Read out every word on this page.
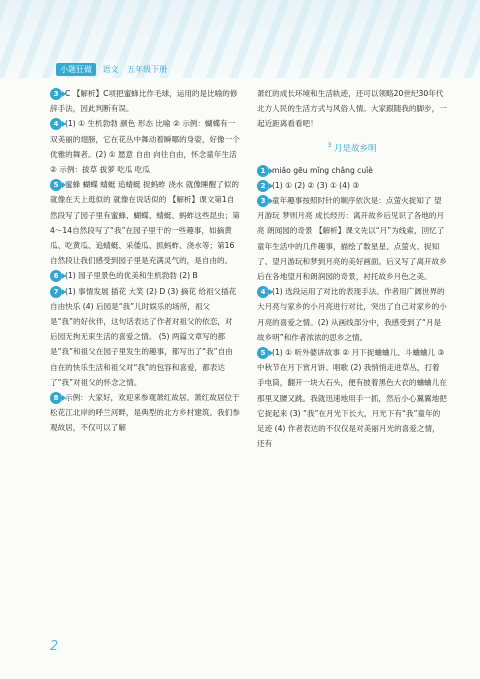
小题狂做 语文 五年级下册

3 C 【解析】C项把蜜蜂比作毛球，运用的是比喻的修辞手法，因此判断有误。

4 (1) ① 生机勃勃 颜色 形态 比喻 ② 示例：蝴蝶有一双美丽的翅膀，它在花丛中舞动着瞬哪的身姿，好像一个优雅的舞者。(2) ① 愿意 自由 向往自由，怀念童年生活 ② 示例：拔草 拔萝 吃瓜 吃瓜

5 蜜蜂 蝴蝶 蜻蜓 追蜻蜓 捉蚂蚱 浇水 就像睡醒了似的 就像在天上逛似的 就像在说话似的 【解析】课文第1自然段写了园子里有蜜蜂、蝴蝶、蜻蜓、蚂蚱这些昆虫；第4～14自然段写了“我”在园子里干的一些趣事，如摘黄瓜、吃黄瓜、追蜻蜓、采倭瓜、抓蚂蚱、浇水等；第16自然段让我们感受到园子里是充满灵气的，是自由的。

6 (1) 园子里景色的优美和生机勃勃 (2) B

7 (1) 事情发展 插花 大笑 (2) D (3) 摘花 给祖父插花 自由快乐 (4) 后园是“我”儿时娱乐的场所，祖父是“我”的好伙伴，这句话表达了作者对祖父的依恋，对后园无拘无束生活的喜爱之情。 (5) 两篇文章写的都是“我”和祖父在园子里发生的趣事，都写出了“我”自由自在的快乐生活和祖父对“我”的包容和喜爱，都表达了“我”对祖父的怀念之情。

8 示例：大家好，欢迎来参观萧红故居。萧红故居位于松花江北岸的呼兰河畔，是典型的北方乡村建筑。我们参观故居，不仅可以了解

萧红的成长环境和生活轨迹，还可以领略20世纪30年代北方人民的生活方式与风俗人情。大家跟随我的脚步，一起近距离看看吧！

$^3$ 月是故乡明

1 miǎo gēu mǐng chǎng cuǐè

2 (1) ① (2) ② (3) ① (4) ③

3 童年趣事按照时针的顺序依次是：点萤火捉知了 望月游玩 梦则月亮 成长经历：离开故乡后见识了各地的月亮 朗闻园的奇景 【解析】课文先以“月”为线索，回忆了童年生活中的几件趣事，描绘了数星星、点萤火、捉知了、望月游玩和梦到月亮的美好画面。后又写了离开故乡后在各地望月和朗润园的奇景，衬托故乡月色之美。

4 (1) 选段运用了对比的表现手法。作者用广阔世界的大月亮与家乡的小月亮进行对比，突出了自己对家乡的小月亮的喜爱之情。(2) 从画线部分中，我感受到了“月是故乡明”和作者浓浓的思乡之情。

5 (1) ① 听外婆讲故事 ② 月下捉蛐蛐儿、斗蛐蛐儿 ③ 中秋节在月下赏月饼、唱歌 (2) 我悄悄走进草丛，打着手电筒，翻开一块大石头，便有披着黑色大衣的蛐蛐儿在那里叉腰又跳。我就迅速地用手一抓，然后小心翼翼地把它捉起来 (3) “我”在月光下长大，月光下有“我”童年的足迹 (4) 作者表达的不仅仅是对美丽月光的喜爱之情，还有

2
